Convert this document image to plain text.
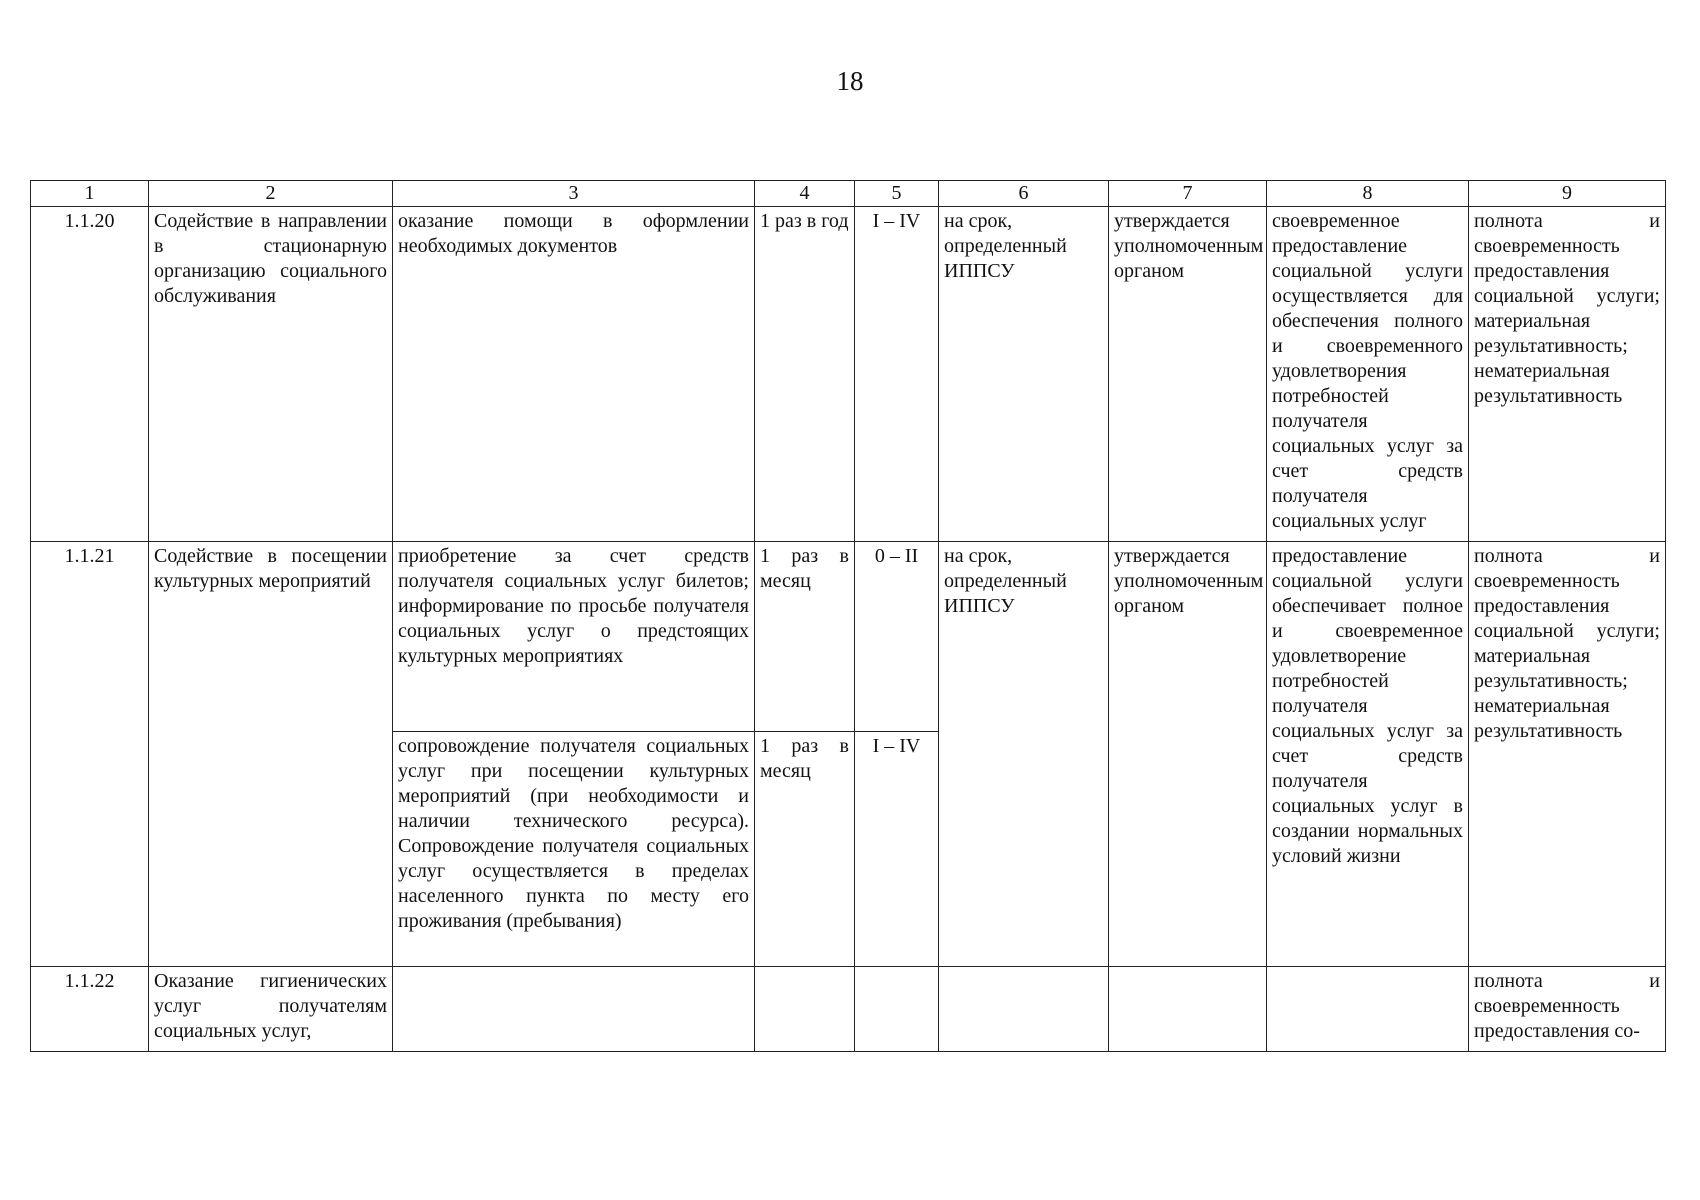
18
1	2	3	4	5	6	7	8	9
1.1.20	Содействие в направлении в стационарную организацию социального обслуживания	оказание помощи в оформлении необходимых документов	1 раз в год	I – IV	на срок, определенный ИППСУ	утверждается уполномоченным органом	своевременное предоставление социальной услуги осуществляется для обеспечения полного и своевременного удовлетворения потребностей получателя социальных услуг за счет средств получателя социальных услуг	полнота и своевременность предоставления социальной услуги; материальная результативность; нематериальная результативность
1.1.21	Содействие в посещении культурных мероприятий	приобретение за счет средств получателя социальных услуг билетов; информирование по просьбе получателя социальных услуг о предстоящих культурных мероприятиях	1 раз в месяц	0 – II	на срок, определенный ИППСУ	утверждается уполномоченным органом	предоставление социальной услуги обеспечивает полное и своевременное удовлетворение потребностей получателя социальных услуг за счет средств получателя социальных услуг в создании нормальных условий жизни	полнота и своевременность предоставления социальной услуги; материальная результативность; нематериальная результативность
		сопровождение получателя социальных услуг при посещении культурных мероприятий (при необходимости и наличии технического ресурса). Сопровождение получателя социальных услуг осуществляется в пределах населенного пункта по месту его проживания (пребывания)	1 раз в месяц	I – IV				
1.1.22	Оказание гигиенических услуг получателям социальных услуг,							полнота и своевременность предоставления со-
